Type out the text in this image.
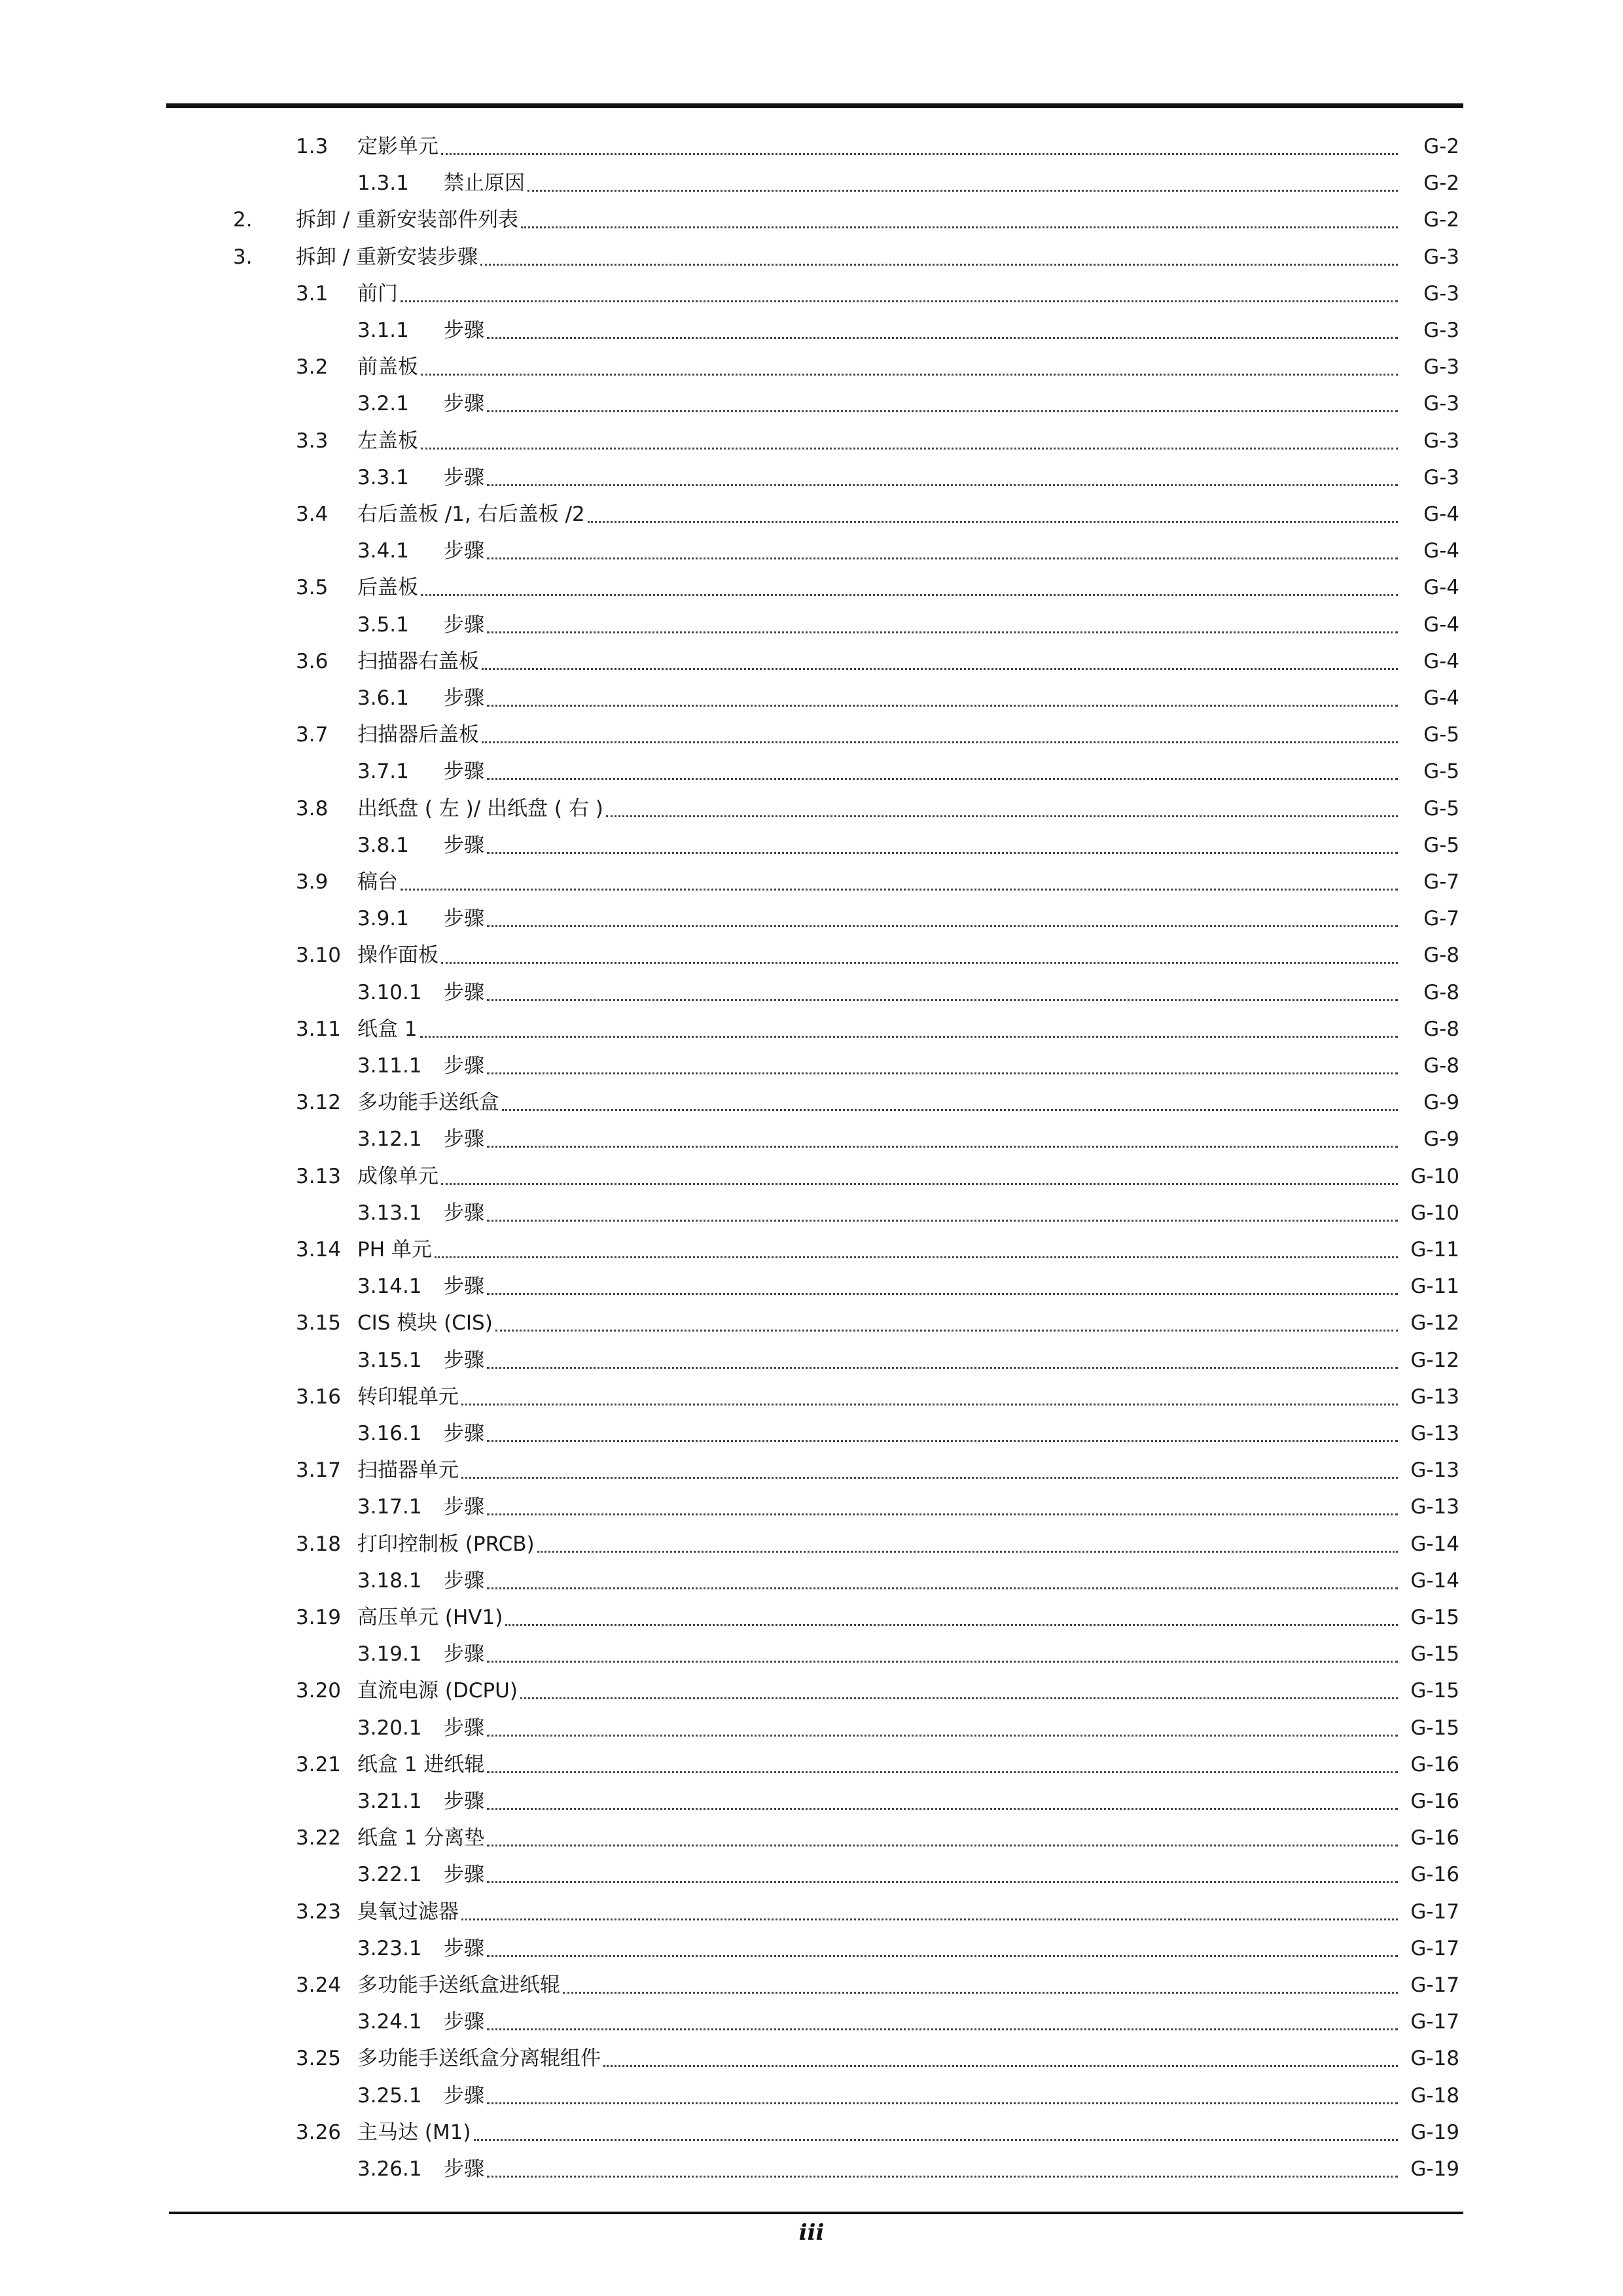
1.3 定影单元	G-2
1.3.1 禁止原因	G-2
2. 拆卸 / 重新安装部件列表	G-2
3. 拆卸 / 重新安装步骤	G-3
3.1 前门	G-3
3.1.1 步骤	G-3
3.2 前盖板	G-3
3.2.1 步骤	G-3
3.3 左盖板	G-3
3.3.1 步骤	G-3
3.4 右后盖板 /1, 右后盖板 /2	G-4
3.4.1 步骤	G-4
3.5 后盖板	G-4
3.5.1 步骤	G-4
3.6 扫描器右盖板	G-4
3.6.1 步骤	G-4
3.7 扫描器后盖板	G-5
3.7.1 步骤	G-5
3.8 出纸盘 ( 左 )/ 出纸盘 ( 右 )	G-5
3.8.1 步骤	G-5
3.9 稿台	G-7
3.9.1 步骤	G-7
3.10 操作面板	G-8
3.10.1 步骤	G-8
3.11 纸盒 1	G-8
3.11.1 步骤	G-8
3.12 多功能手送纸盒	G-9
3.12.1 步骤	G-9
3.13 成像单元	G-10
3.13.1 步骤	G-10
3.14 PH 单元	G-11
3.14.1 步骤	G-11
3.15 CIS 模块 (CIS)	G-12
3.15.1 步骤	G-12
3.16 转印辊单元	G-13
3.16.1 步骤	G-13
3.17 扫描器单元	G-13
3.17.1 步骤	G-13
3.18 打印控制板 (PRCB)	G-14
3.18.1 步骤	G-14
3.19 高压单元 (HV1)	G-15
3.19.1 步骤	G-15
3.20 直流电源 (DCPU)	G-15
3.20.1 步骤	G-15
3.21 纸盒 1 进纸辊	G-16
3.21.1 步骤	G-16
3.22 纸盒 1 分离垫	G-16
3.22.1 步骤	G-16
3.23 臭氧过滤器	G-17
3.23.1 步骤	G-17
3.24 多功能手送纸盒进纸辊	G-17
3.24.1 步骤	G-17
3.25 多功能手送纸盒分离辊组件	G-18
3.25.1 步骤	G-18
3.26 主马达 (M1)	G-19
3.26.1 步骤	G-19
iii
